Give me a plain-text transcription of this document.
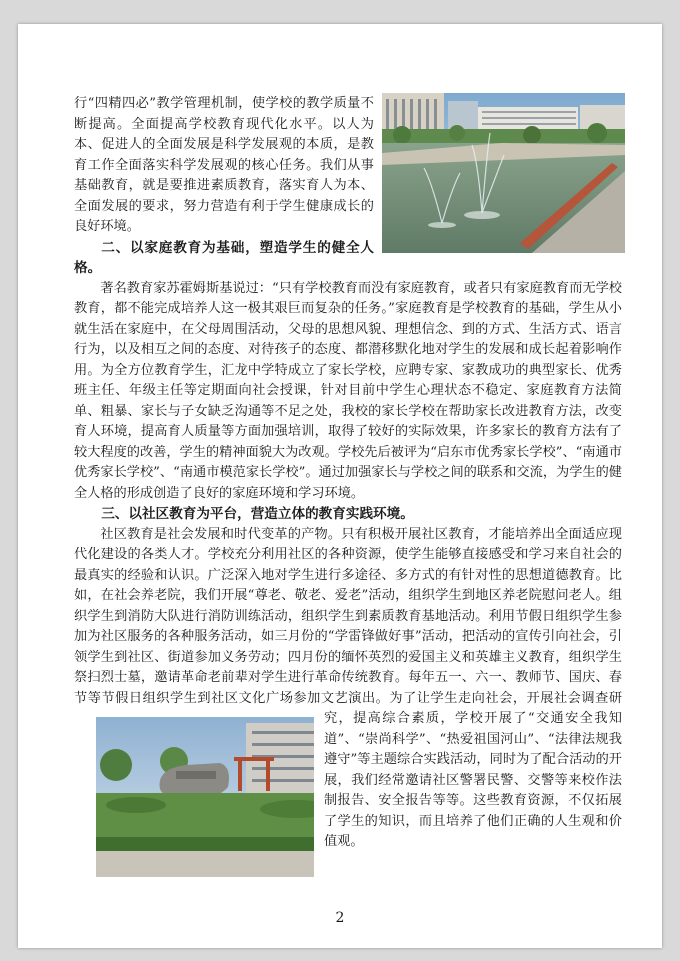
行“四精四必”教学管理机制，使学校的教学质量不断提高。全面提高学校教育现代化水平。以人为本、促进人的全面发展是科学发展观的本质，是教育工作全面落实科学发展观的核心任务。我们从事基础教育，就是要推进素质教育，落实育人为本、全面发展的要求，努力营造有利于学生健康成长的良好环境。

二、以家庭教育为基础，塑造学生的健全人格。

著名教育家苏霍姆斯基说过：“只有学校教育而没有家庭教育，或者只有家庭教育而无学校教育，都不能完成培养人这一极其艰巨而复杂的任务。”家庭教育是学校教育的基础，学生从小就生活在家庭中，在父母周围活动，父母的思想风貌、理想信念、到的方式、生活方式、语言行为，以及相互之间的态度、对待孩子的态度、都潜移默化地对学生的发展和成长起着影响作用。为全方位教育学生，汇龙中学特成立了家长学校，应聘专家、家教成功的典型家长、优秀班主任、年级主任等定期面向社会授课，针对目前中学生心理状态不稳定、家庭教育方法简单、粗暴、家长与子女缺乏沟通等不足之处，我校的家长学校在帮助家长改进教育方法，改变育人环境，提高育人质量等方面加强培训，取得了较好的实际效果，许多家长的教育方法有了较大程度的改善，学生的精神面貌大为改观。学校先后被评为“启东市优秀家长学校”、“南通市优秀家长学校”、“南通市模范家长学校”。通过加强家长与学校之间的联系和交流，为学生的健全人格的形成创造了良好的家庭环境和学习环境。

三、以社区教育为平台，营造立体的教育实践环境。

社区教育是社会发展和时代变革的产物。只有积极开展社区教育，才能培养出全面适应现代化建设的各类人才。学校充分利用社区的各种资源，使学生能够直接感受和学习来自社会的最真实的经验和认识。广泛深入地对学生进行多途径、多方式的有针对性的思想道德教育。比如，在社会养老院，我们开展“尊老、敬老、爱老”活动，组织学生到地区养老院慰问老人。组织学生到消防大队进行消防训练活动，组织学生到素质教育基地活动。利用节假日组织学生参加为社区服务的各种服务活动，如三月份的“学雷锋做好事”活动，把活动的宣传引向社会，引领学生到社区、街道参加义务劳动；四月份的缅怀英烈的爱国主义和英雄主义教育，组织学生祭扫烈士墓，邀请革命老前辈对学生进行革命传统教育。每年五一、六一、教师节、国庆、春节等节假日组织学生到社区文化广场参加文艺演出。
为了让学生走向社会，开展社会调查研究，提高综合素质，学校开展了“交通安全我知道”、“崇尚科学”、“热爱祖国河山”、“法律法规我遵守”等主题综合实践活动，同时为了配合活动的开展，我们经常邀请社区警署民警、交警等来校作法制报告、安全报告等等。这些教育资源，不仅拓展了学生的知识，而且培养了他们正确的人生观和价值观。

2
